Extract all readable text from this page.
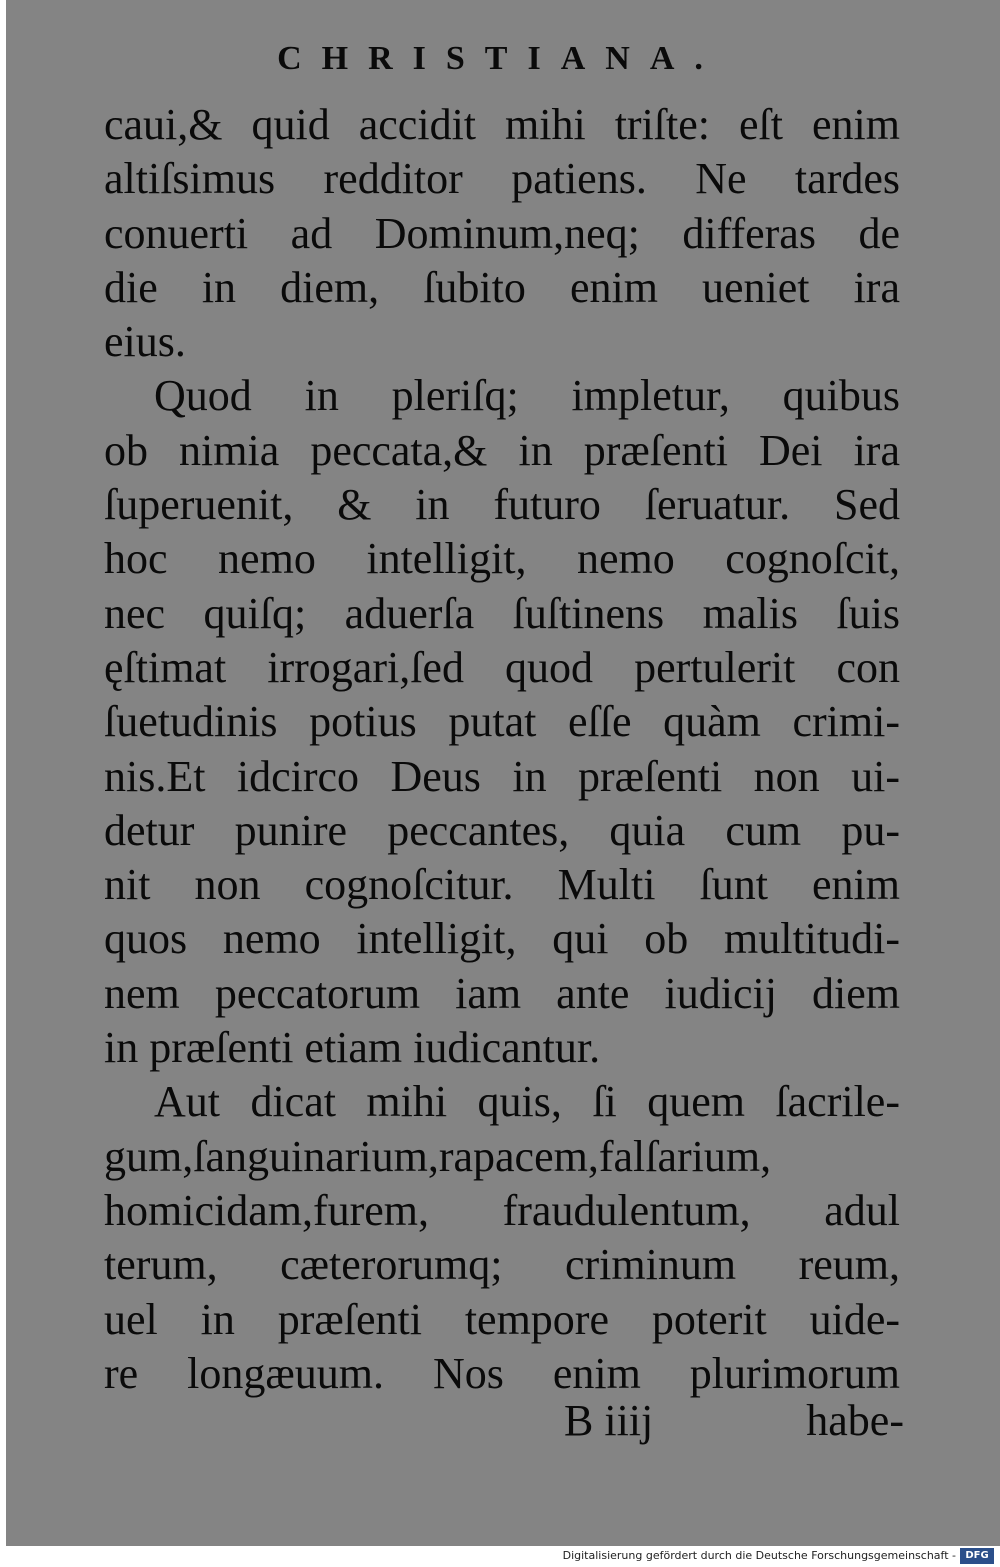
CHRISTIANA.
caui,& quid accidit mihi triſte: eſt enim
altiſsimus redditor patiens. Ne tardes
conuerti ad Dominum,neq; differas de
die in diem, ſubito enim ueniet ira
eius.
Quod in pleriſq; impletur, quibus
ob nimia peccata,& in præſenti Dei ira
ſuperuenit, & in futuro ſeruatur. Sed
hoc nemo intelligit, nemo cognoſcit,
nec quiſq; aduerſa ſuſtinens malis ſuis
ęſtimat irrogari,ſed quod pertulerit con
ſuetudinis potius putat eſſe quàm crimi-
nis.Et idcirco Deus in præſenti non ui-
detur punire peccantes, quia cum pu-
nit non cognoſcitur. Multi ſunt enim
quos nemo intelligit, qui ob multitudi-
nem peccatorum iam ante iudicij diem
in præſenti etiam iudicantur.
Aut dicat mihi quis, ſi quem ſacrile-
gum,ſanguinarium,rapacem,falſarium,
homicidam,furem, fraudulentum, adul
terum, cæterorumq; criminum reum,
uel in præſenti tempore poterit uide-
re longæuum. Nos enim plurimorum
B iiij	habe-
Digitalisierung gefördert durch die Deutsche Forschungsgemeinschaft - DFG
